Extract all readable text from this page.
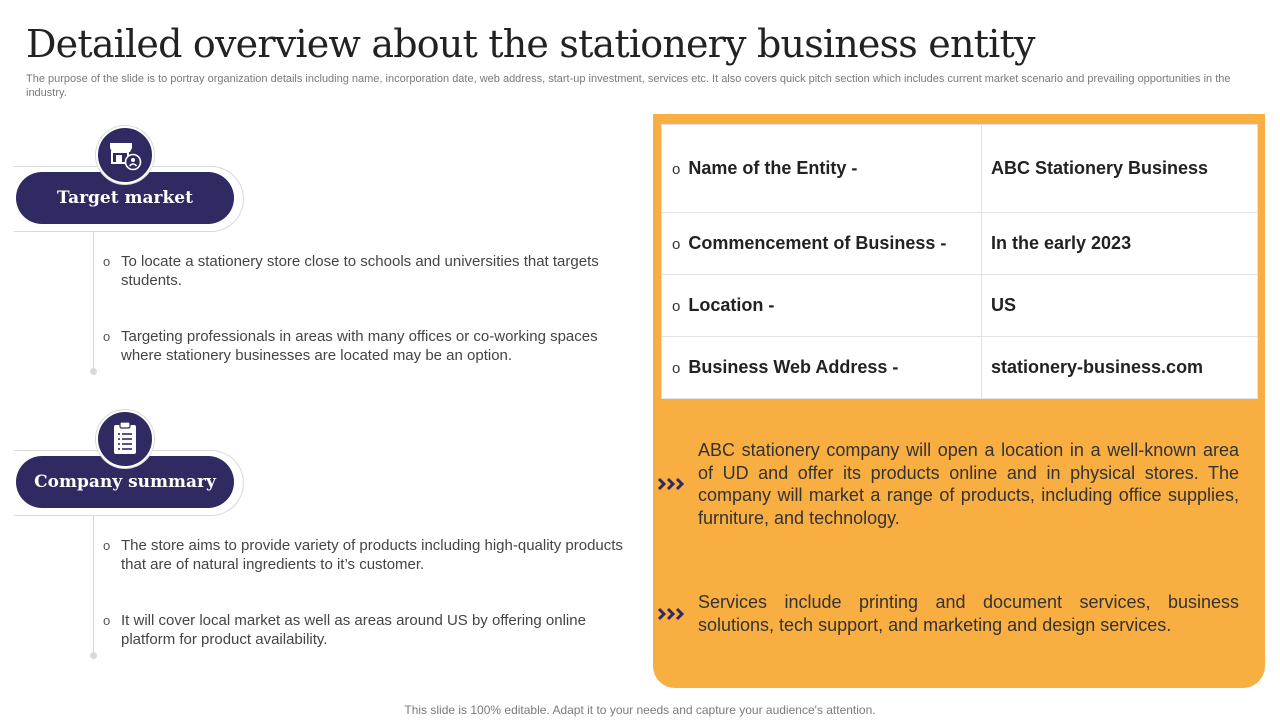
Detailed overview about the stationery business entity

The purpose of the slide is to portray organization details including name, incorporation date, web address, start-up investment, services etc. It also covers quick pitch section which includes current market scenario and prevailing opportunities in the industry.

Target market

o To locate a stationery store close to schools and universities that targets students.

o Targeting professionals in areas with many offices or co-working spaces where stationery businesses are located may be an option.

Company summary

o The store aims to provide variety of products including high-quality products that are of natural ingredients to it’s customer.

o It will cover local market as well as areas around US by offering online platform for product availability.

o Name of the Entity -	ABC Stationery Business
o Commencement of Business -	In the early 2023
o Location -	US
o Business Web Address -	stationery-business.com

ABC stationery company will open a location in a well-known area of UD and offer its products online and in physical stores. The company will market a range of products, including office supplies, furniture, and technology.

Services include printing and document services, business solutions, tech support, and marketing and design services.

This slide is 100% editable. Adapt it to your needs and capture your audience's attention.
